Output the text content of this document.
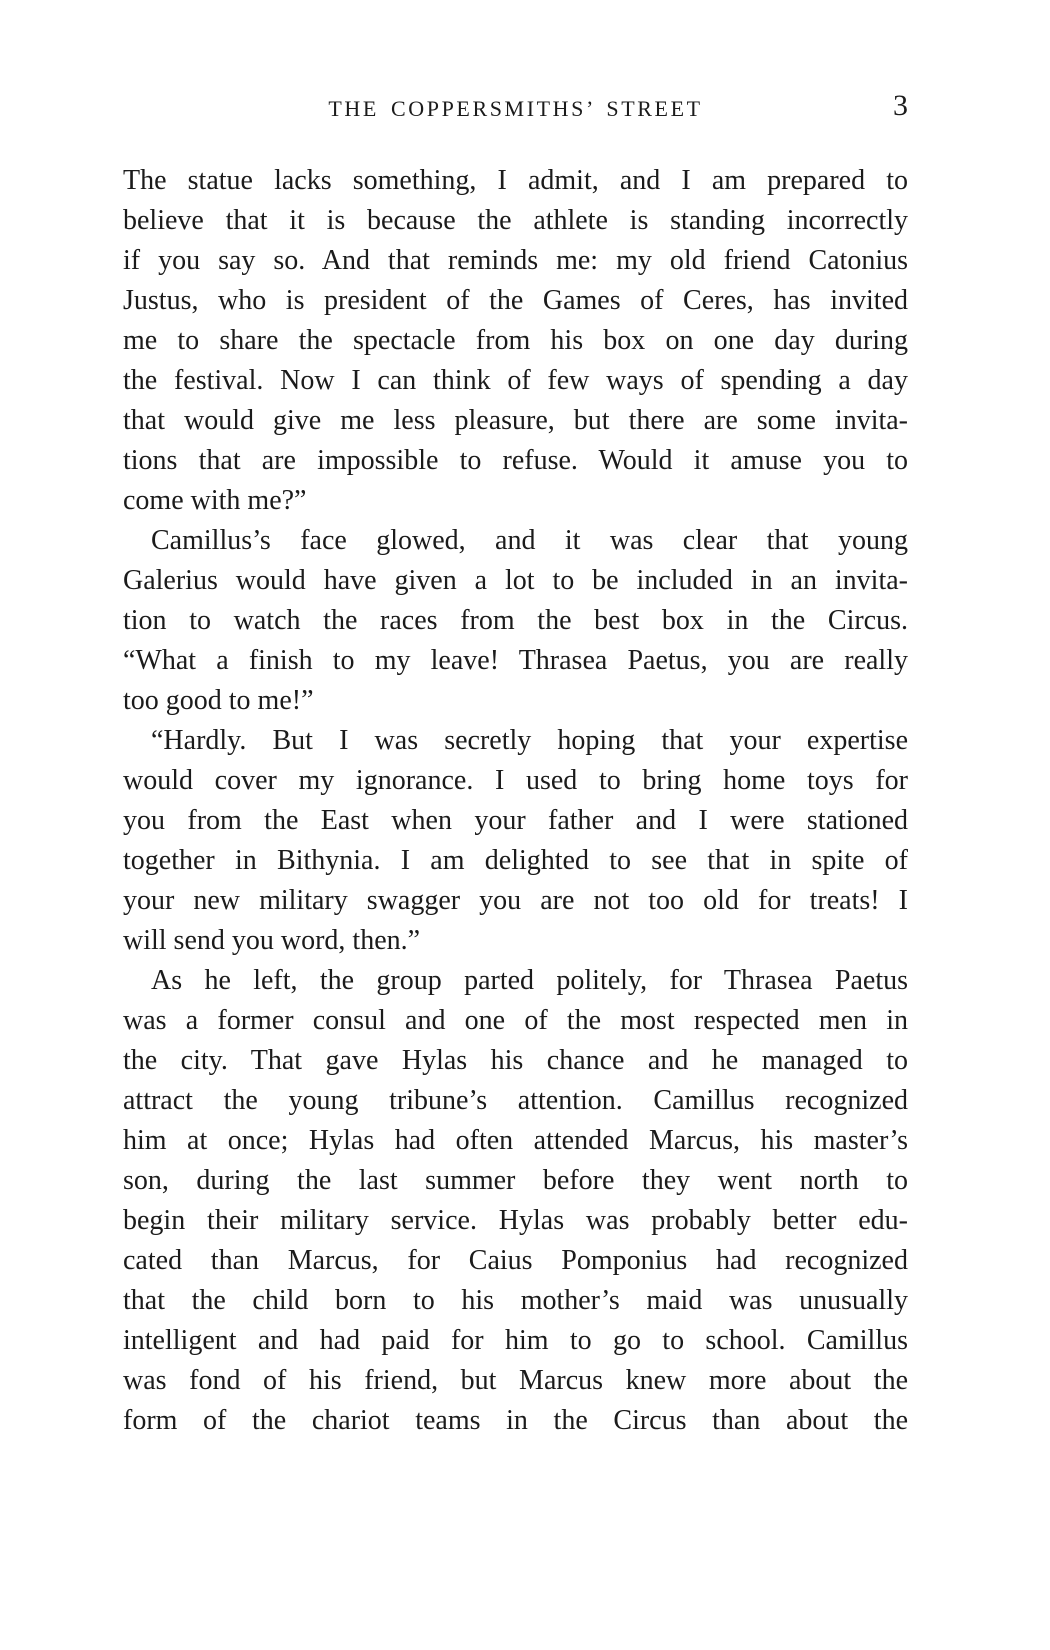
THE COPPERSMITHS’ STREET	3
The statue lacks something, I admit, and I am prepared to
believe that it is because the athlete is standing incorrectly
if you say so. And that reminds me: my old friend Catonius
Justus, who is president of the Games of Ceres, has invited
me to share the spectacle from his box on one day during
the festival. Now I can think of few ways of spending a day
that would give me less pleasure, but there are some invita-
tions that are impossible to refuse. Would it amuse you to
come with me?”
Camillus’s face glowed, and it was clear that young
Galerius would have given a lot to be included in an invita-
tion to watch the races from the best box in the Circus.
“What a finish to my leave! Thrasea Paetus, you are really
too good to me!”
“Hardly. But I was secretly hoping that your expertise
would cover my ignorance. I used to bring home toys for
you from the East when your father and I were stationed
together in Bithynia. I am delighted to see that in spite of
your new military swagger you are not too old for treats! I
will send you word, then.”
As he left, the group parted politely, for Thrasea Paetus
was a former consul and one of the most respected men in
the city. That gave Hylas his chance and he managed to
attract the young tribune’s attention. Camillus recognized
him at once; Hylas had often attended Marcus, his master’s
son, during the last summer before they went north to
begin their military service. Hylas was probably better edu-
cated than Marcus, for Caius Pomponius had recognized
that the child born to his mother’s maid was unusually
intelligent and had paid for him to go to school. Camillus
was fond of his friend, but Marcus knew more about the
form of the chariot teams in the Circus than about the
